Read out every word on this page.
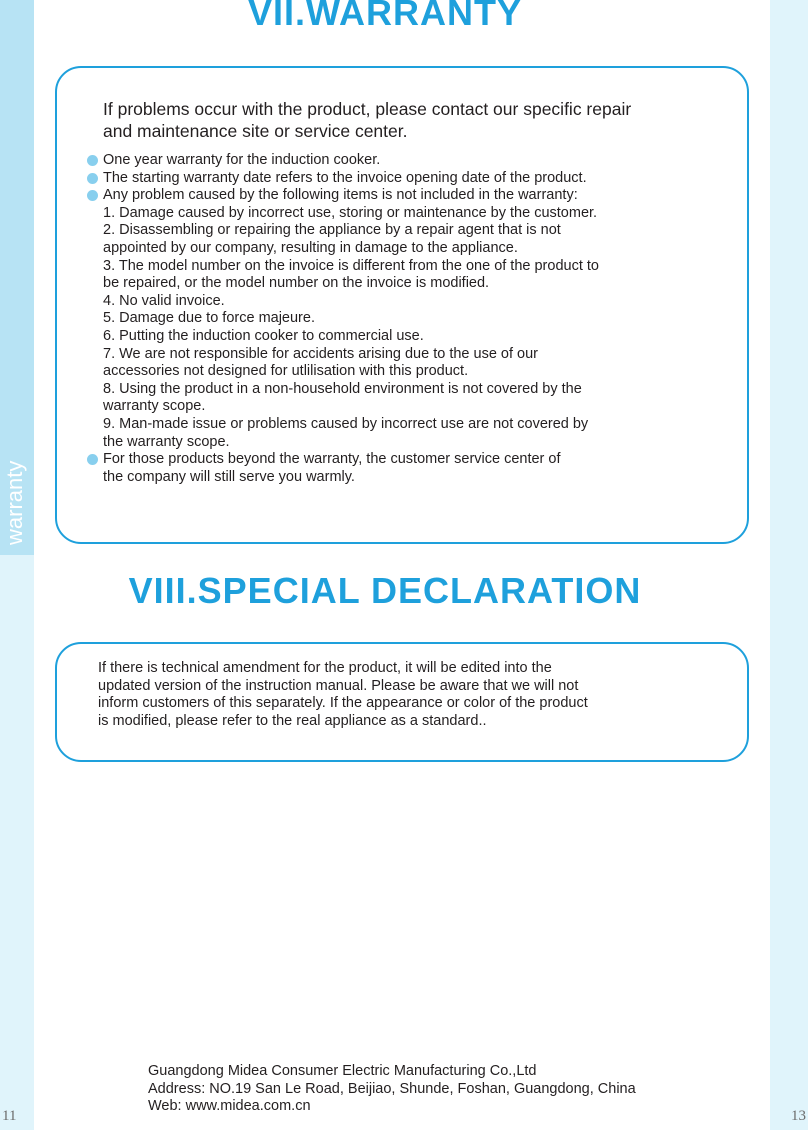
warranty
VII.WARRANTY
If problems occur with the product, please contact our specific repair
and maintenance site or service center.
One year warranty for the induction cooker.
The starting warranty date refers to the invoice opening date of the product.
Any problem caused by the following items is not included in the warranty:
1. Damage caused by incorrect use, storing or maintenance by the customer.
2. Disassembling or repairing the appliance by a repair agent that is not
appointed by our company, resulting in damage to the appliance.
3. The model number on the invoice is different from the one of the product to
be repaired, or the model number on the invoice is modified.
4. No valid invoice.
5. Damage due to force majeure.
6. Putting the induction cooker to commercial use.
7. We are not responsible for accidents arising due to the use of our
accessories not designed for utlilisation with this product.
8. Using the product in a non-household environment is not covered by the
warranty scope.
9. Man-made issue or problems caused by incorrect use are not covered by
the warranty scope.
For those products beyond the warranty, the customer service center of
the company will still serve you warmly.
VIII.SPECIAL DECLARATION
If there is technical amendment for the product, it will be edited into the
updated version of the instruction manual. Please be aware that we will not
inform customers of this separately. If the appearance or color of the product
is modified, please refer to the real appliance as a standard..
Guangdong Midea Consumer Electric Manufacturing Co.,Ltd
Address: NO.19 San Le Road, Beijiao, Shunde, Foshan, Guangdong, China
Web: www.midea.com.cn
11	13
